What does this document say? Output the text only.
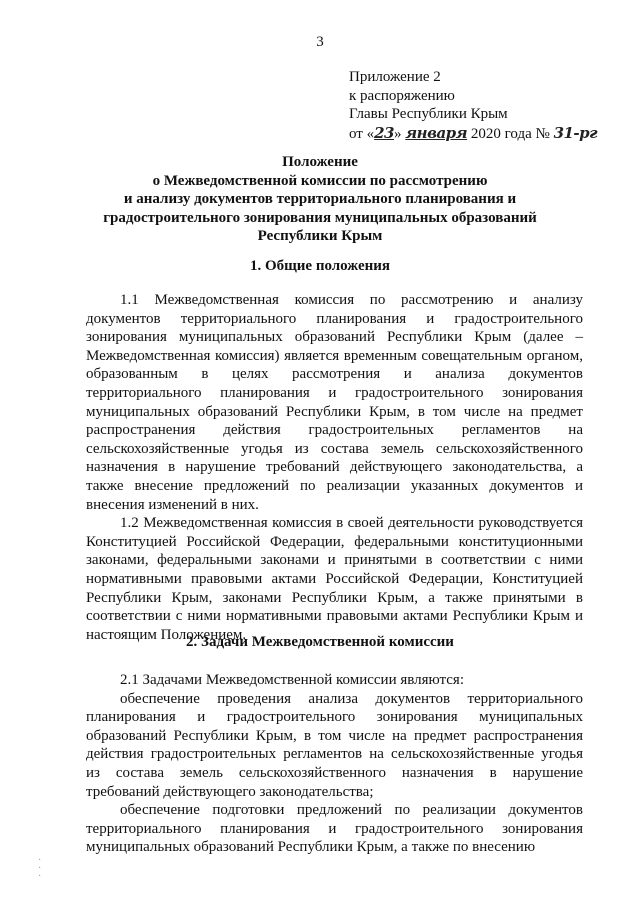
3
Приложение 2
к распоряжению
Главы Республики Крым
от «23» января 2020 года № 31-рг
Положение
о Межведомственной комиссии по рассмотрению
и анализу документов территориального планирования и
градостроительного зонирования муниципальных образований
Республики Крым
1. Общие положения

1.1 Межведомственная комиссия по рассмотрению и анализу документов территориального планирования и градостроительного зонирования муниципальных образований Республики Крым (далее – Межведомственная комиссия) является временным совещательным органом, образованным в целях рассмотрения и анализа документов территориального планирования и градостроительного зонирования муниципальных образований Республики Крым, в том числе на предмет распространения действия градостроительных регламентов на сельскохозяйственные угодья из состава земель сельскохозяйственного назначения в нарушение требований действующего законодательства, а также внесение предложений по реализации указанных документов и внесения изменений в них.

1.2 Межведомственная комиссия в своей деятельности руководствуется Конституцией Российской Федерации, федеральными конституционными законами, федеральными законами и принятыми в соответствии с ними нормативными правовыми актами Российской Федерации, Конституцией Республики Крым, законами Республики Крым, а также принятыми в соответствии с ними нормативными правовыми актами Республики Крым и настоящим Положением.

2. Задачи Межведомственной комиссии

2.1 Задачами Межведомственной комиссии являются:

обеспечение проведения анализа документов территориального планирования и градостроительного зонирования муниципальных образований Республики Крым, в том числе на предмет распространения действия градостроительных регламентов на сельскохозяйственные угодья из состава земель сельскохозяйственного назначения в нарушение требований действующего законодательства;

обеспечение подготовки предложений по реализации документов территориального планирования и градостроительного зонирования муниципальных образований Республики Крым, а также по внесению

·
·
·
